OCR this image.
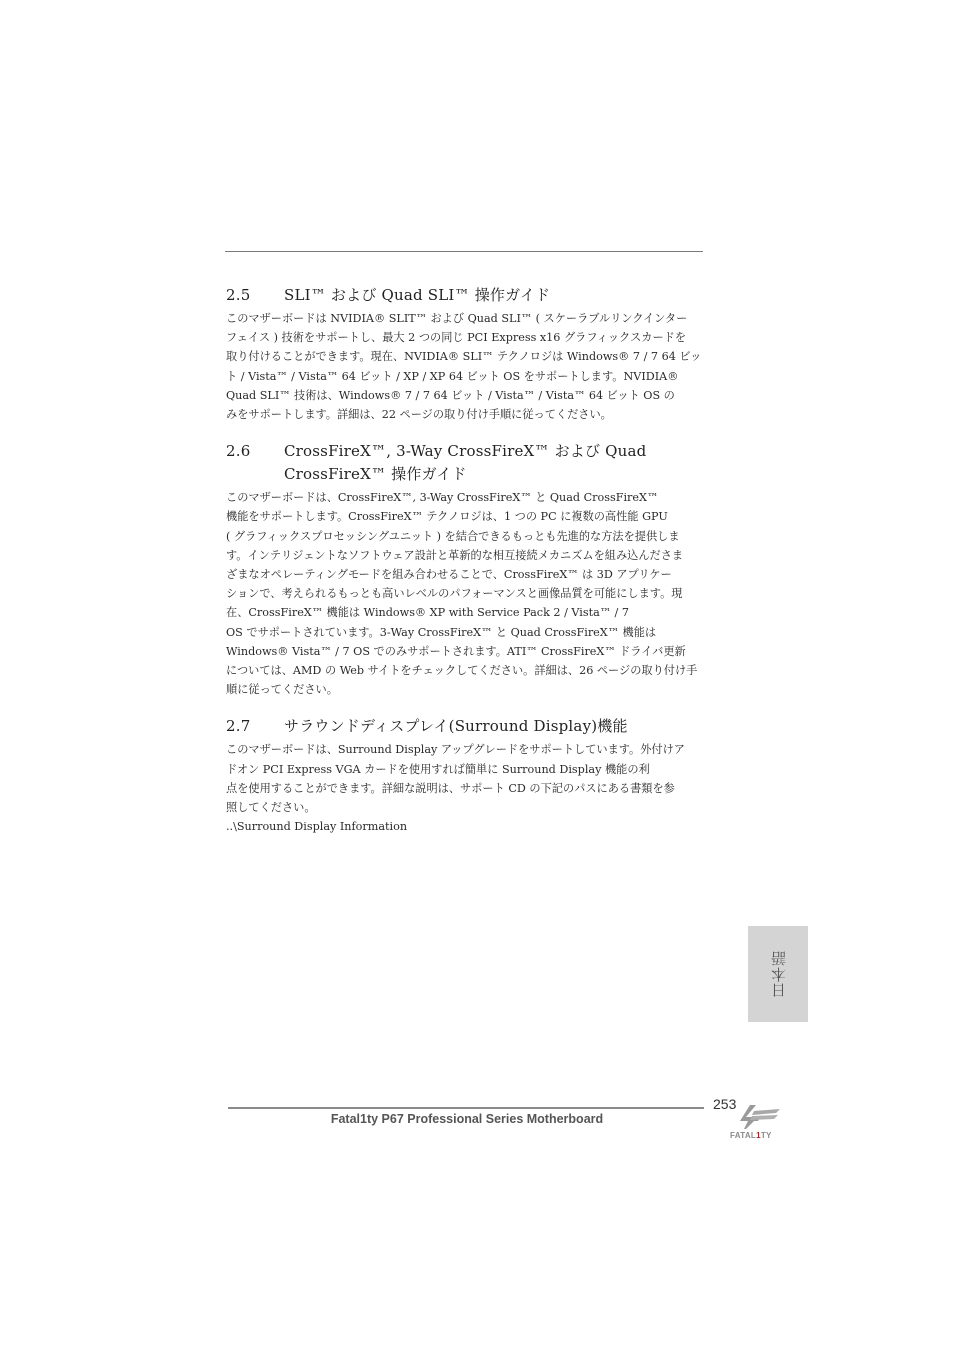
2.5	SLI™ および Quad SLI™ 操作ガイド
このマザーボードは NVIDIA® SLIT™ および Quad SLI™ ( スケーラブルリンクインター
フェイス ) 技術をサポートし、最大 2 つの同じ PCI Express x16 グラフィックスカードを
取り付けることができます。現在、NVIDIA® SLI™ テクノロジは Windows® 7 / 7 64 ビッ
ト / Vista™ / Vista™ 64 ビット / XP / XP 64 ビット OS をサポートします。NVIDIA®
Quad SLI™ 技術は、Windows® 7 / 7 64 ビット / Vista™ / Vista™ 64 ビット OS の
みをサポートします。詳細は、22 ページの取り付け手順に従ってください。
2.6	CrossFireX™, 3-Way CrossFireX™ および Quad
CrossFireX™ 操作ガイド
このマザーボードは、CrossFireX™, 3-Way CrossFireX™ と Quad CrossFireX™
機能をサポートします。CrossFireX™ テクノロジは、1 つの PC に複数の高性能 GPU
( グラフィックスプロセッシングユニット ) を結合できるもっとも先進的な方法を提供しま
す。インテリジェントなソフトウェア設計と革新的な相互接続メカニズムを組み込んださま
ざまなオペレーティングモードを組み合わせることで、CrossFireX™ は 3D アプリケー
ションで、考えられるもっとも高いレベルのパフォーマンスと画像品質を可能にします。現
在、CrossFireX™ 機能は Windows® XP with Service Pack 2 / Vista™ / 7
OS でサポートされています。3-Way CrossFireX™ と Quad CrossFireX™ 機能は
Windows® Vista™ / 7 OS でのみサポートされます。ATI™ CrossFireX™ ドライバ更新
については、AMD の Web サイトをチェックしてください。詳細は、26 ページの取り付け手
順に従ってください。
2.7	サラウンドディスプレイ(Surround Display)機能
このマザーボードは、Surround Display アップグレードをサポートしています。外付けア
ドオン PCI Express VGA カードを使用すれば簡単に Surround Display 機能の利
点を使用することができます。詳細な説明は、サポート CD の下記のパスにある書類を参
照してください。
..\Surround Display Information
日本語
Fatal1ty P67 Professional Series Motherboard
253
FATAL1TY
